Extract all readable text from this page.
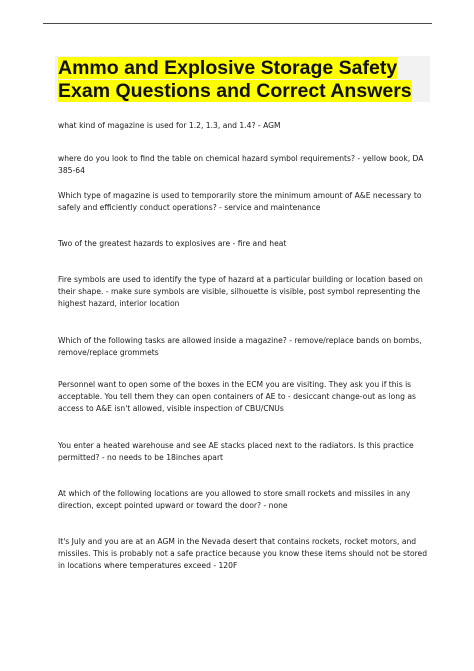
Ammo and Explosive Storage Safety
Exam Questions and Correct Answers

what kind of magazine is used for 1.2, 1.3, and 1.4? - AGM

where do you look to find the table on chemical hazard symbol requirements? - yellow book, DA 385-64

Which type of magazine is used to temporarily store the minimum amount of A&E necessary to safely and efficiently conduct operations? - service and maintenance

Two of the greatest hazards to explosives are - fire and heat

Fire symbols are used to identify the type of hazard at a particular building or location based on their shape. - make sure symbols are visible, silhouette is visible, post symbol representing the highest hazard, interior location

Which of the following tasks are allowed inside a magazine? - remove/replace bands on bombs, remove/replace grommets

Personnel want to open some of the boxes in the ECM you are visiting. They ask you if this is acceptable. You tell them they can open containers of AE to - desiccant change-out as long as access to A&E isn't allowed, visible inspection of CBU/CNUs

You enter a heated warehouse and see AE stacks placed next to the radiators. Is this practice permitted? - no needs to be 18inches apart

At which of the following locations are you allowed to store small rockets and missiles in any direction, except pointed upward or toward the door? - none

It's July and you are at an AGM in the Nevada desert that contains rockets, rocket motors, and missiles. This is probably not a safe practice because you know these items should not be stored in locations where temperatures exceed - 120F
